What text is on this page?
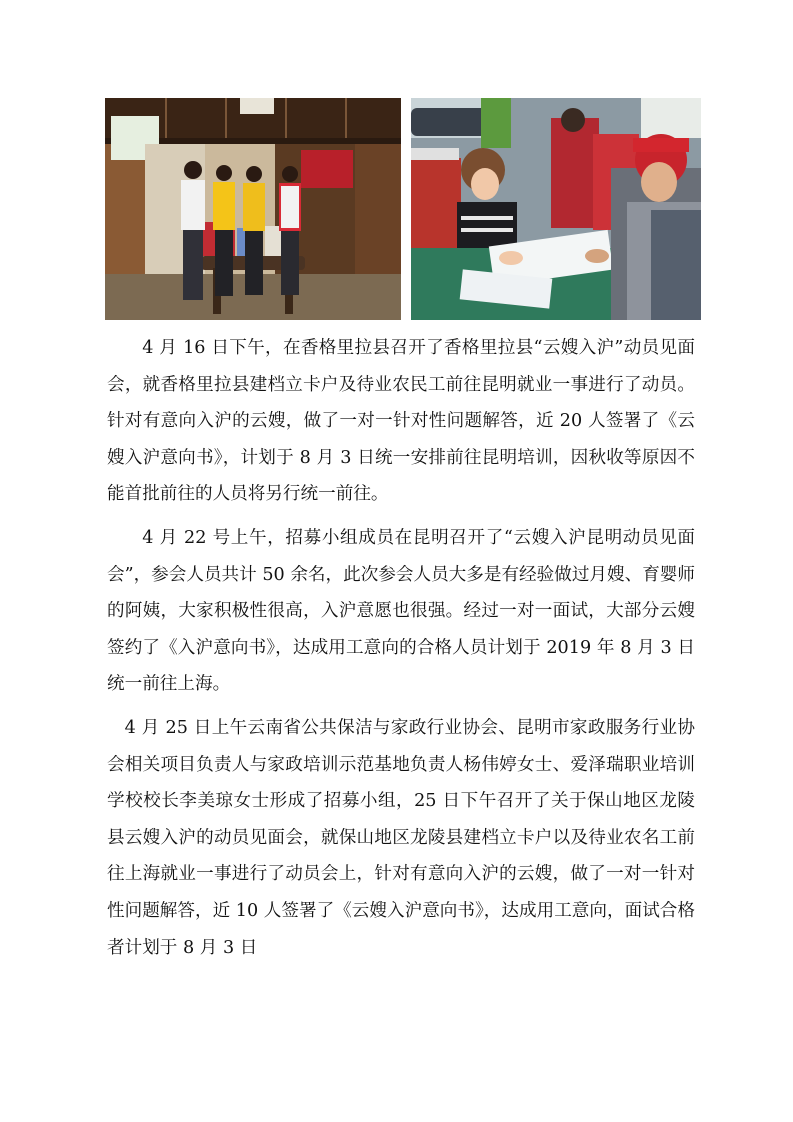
4 月 16 日下午，在香格里拉县召开了香格里拉县“云嫂入沪”动员见面会，就香格里拉县建档立卡户及待业农民工前往昆明就业一事进行了动员。针对有意向入沪的云嫂，做了一对一针对性问题解答，近 20 人签署了《云嫂入沪意向书》，计划于 8 月 3 日统一安排前往昆明培训，因秋收等原因不能首批前往的人员将另行统一前往。

4 月 22 号上午，招募小组成员在昆明召开了“云嫂入沪昆明动员见面会”，参会人员共计 50 余名，此次参会人员大多是有经验做过月嫂、育婴师的阿姨，大家积极性很高，入沪意愿也很强。经过一对一面试，大部分云嫂签约了《入沪意向书》，达成用工意向的合格人员计划于 2019 年 8 月 3 日统一前往上海。

4 月 25 日上午云南省公共保洁与家政行业协会、昆明市家政服务行业协会相关项目负责人与家政培训示范基地负责人杨伟婷女士、爱泽瑞职业培训学校校长李美琼女士形成了招募小组，25 日下午召开了关于保山地区龙陵县云嫂入沪的动员见面会，就保山地区龙陵县建档立卡户以及待业农名工前往上海就业一事进行了动员会上，针对有意向入沪的云嫂，做了一对一针对性问题解答，近 10 人签署了《云嫂入沪意向书》，达成用工意向，面试合格者计划于 8 月 3 日
